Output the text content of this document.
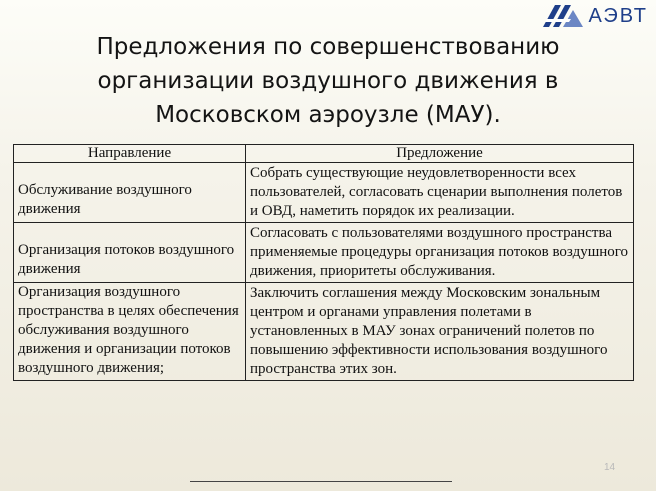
АЭВТ
Предложения по совершенствованию
организации воздушного движения в
Московском аэроузле (МАУ).
Направление	Предложение
Обслуживание воздушного движения	Собрать существующие неудовлетворенности всех пользователей, согласовать сценарии выполнения полетов и ОВД, наметить порядок их реализации.
Организация потоков воздушного движения	Согласовать с пользователями воздушного пространства применяемые процедуры организация потоков воздушного движения, приоритеты обслуживания.
Организация воздушного пространства в целях обеспечения обслуживания воздушного движения и организации потоков воздушного движения;	Заключить соглашения между Московским зональным центром и органами управления полетами в установленных в МАУ зонах ограничений полетов по повышению эффективности использования воздушного пространства этих зон.
14
